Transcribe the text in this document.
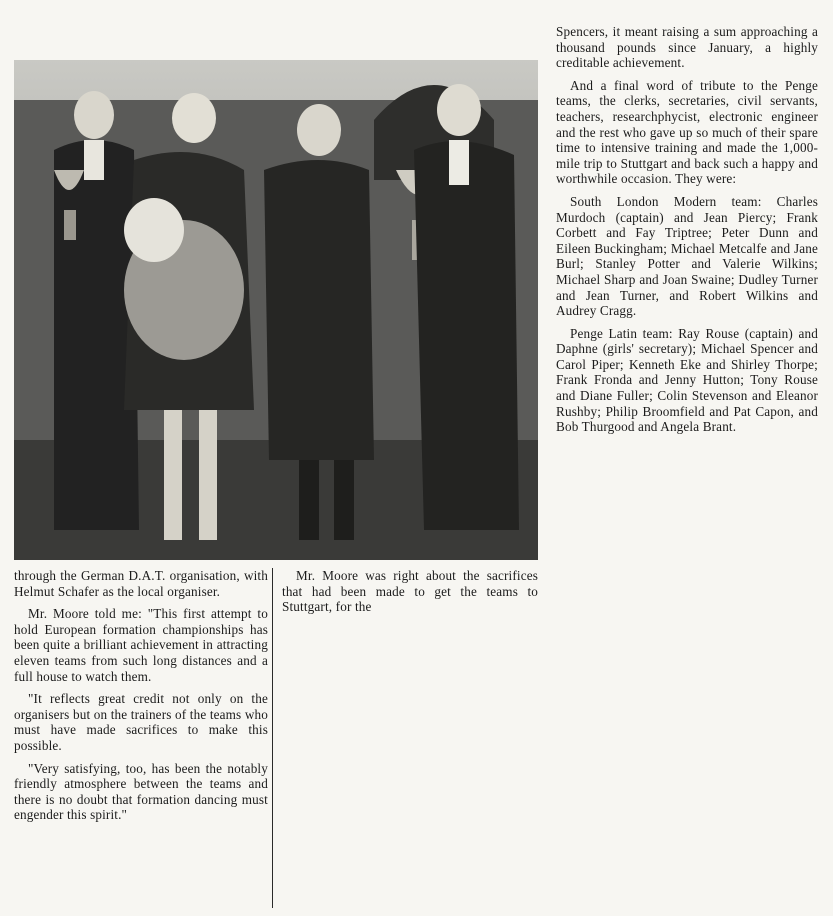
Spencers, it meant raising a sum approaching a thousand pounds since January, a highly creditable achievement.

And a final word of tribute to the Penge teams, the clerks, secretaries, civil servants, teachers, researchphycist, electronic engineer and the rest who gave up so much of their spare time to intensive training and made the 1,000-mile trip to Stuttgart and back such a happy and worthwhile occasion. They were:

South London Modern team: Charles Murdoch (captain) and Jean Piercy; Frank Corbett and Fay Triptree; Peter Dunn and Eileen Buckingham; Michael Metcalfe and Jane Burl; Stanley Potter and Valerie Wilkins; Michael Sharp and Joan Swaine; Dudley Turner and Jean Turner, and Robert Wilkins and Audrey Cragg.

Penge Latin team: Ray Rouse (captain) and Daphne (girls' secretary); Michael Spencer and Carol Piper; Kenneth Eke and Shirley Thorpe; Frank Fronda and Jenny Hutton; Tony Rouse and Diane Fuller; Colin Stevenson and Eleanor Rushby; Philip Broomfield and Pat Capon, and Bob Thurgood and Angela Brant.

through the German D.A.T. organisation, with Helmut Schafer as the local organiser.

Mr. Moore told me: "This first attempt to hold European formation championships has been quite a brilliant achievement in attracting eleven teams from such long distances and a full house to watch them.

"It reflects great credit not only on the organisers but on the trainers of the teams who must have made sacrifices to make this possible.

"Very satisfying, too, has been the notably friendly atmosphere between the teams and there is no doubt that formation dancing must engender this spirit."

Mr. Moore was right about the sacrifices that had been made to get the teams to Stuttgart, for the
